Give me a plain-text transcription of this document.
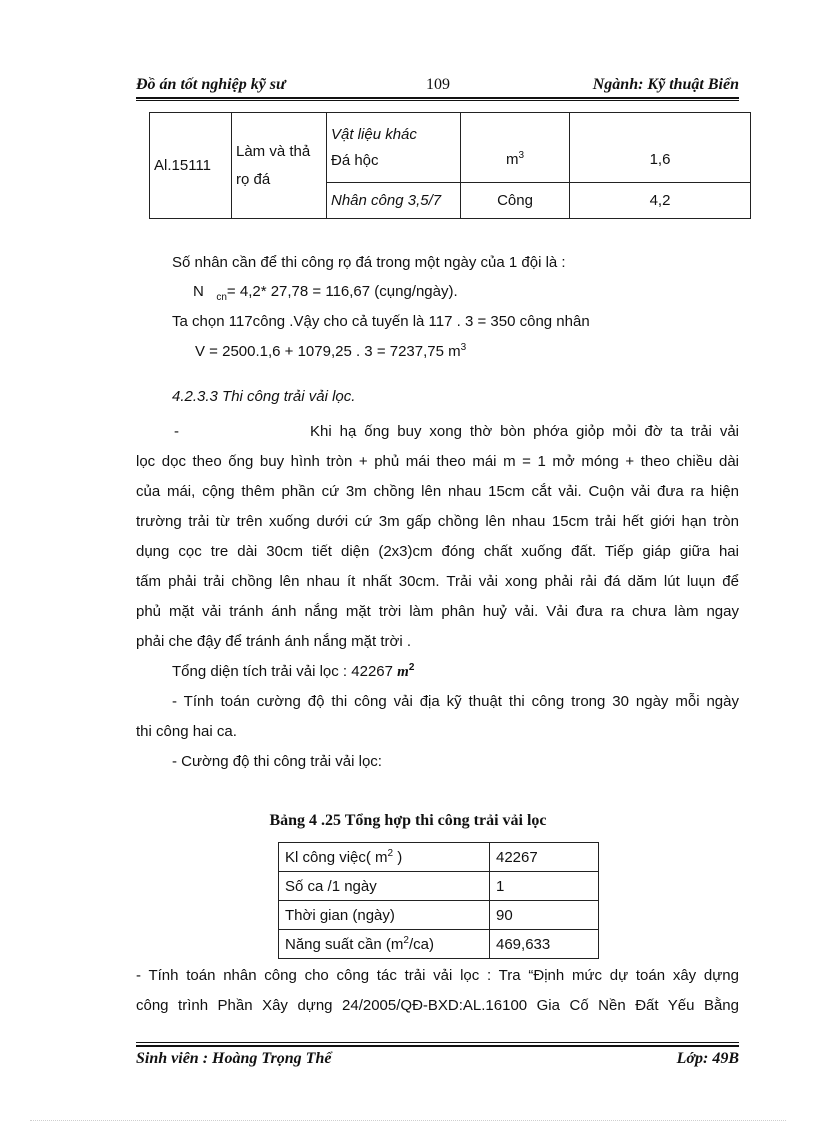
Đồ án tốt nghiệp kỹ sư	109	Ngành: Kỹ thuật Biển
Al.15111	Làm và thả rọ đá	Vật liệu khác
Đá hộc	$m^3$	1,6
		Nhân công 3,5/7	Công	4,2
Số nhân cần để thi công rọ đá trong một ngày của 1 đội là :
N $_{cn}$= 4,2* 27,78 = 116,67 (cụng/ngày).
Ta chọn 117công .Vậy cho cả tuyến là 117 . 3 = 350 công nhân
V = 2500.1,6 + 1079,25 . 3 = 7237,75 $m^3$
4.2.3.3 Thi công trải vải lọc.
-	Khi hạ ống buy xong thờ bòn phớa giỏp mỏi đờ ta trải vải
lọc dọc theo ống buy hình tròn + phủ mái theo mái m = 1 mở móng + theo chiều dài
của mái, cộng thêm phần cứ 3m chồng lên nhau 15cm cắt vải. Cuộn vải đưa ra hiện
trường trải từ trên xuống dưới cứ 3m gấp chồng lên nhau 15cm trải hết giới hạn tròn
dụng cọc tre dài 30cm tiết diện (2x3)cm đóng chất xuống đất. Tiếp giáp giữa hai
tấm phải trải chồng lên nhau ít nhất 30cm. Trải vải xong phải rải đá dăm lút luụn để
phủ mặt vải tránh ánh nắng mặt trời làm phân huỷ vải. Vải đưa ra chưa làm ngay
phải che đậy để tránh ánh nắng mặt trời .
Tổng diện tích trải vải lọc : 42267 $m^2$
- Tính toán cường độ thi công vải địa kỹ thuật thi công trong 30 ngày mỗi ngày
thi công hai ca.
- Cường độ thi công trải vải lọc:
Bảng 4 .25 Tổng hợp thi công trải vải lọc
Kl công việc( $m^2$ )	42267
Số ca /1 ngày	1
Thời gian (ngày)	90
Năng suất cần $(m^2/ca)$	469,633
- Tính toán nhân công cho công tác trải vải lọc : Tra “Định mức dự toán xây dựng
công trình Phần Xây dựng 24/2005/QĐ-BXD:AL.16100 Gia Cố Nền Đất Yếu Bằng
Sinh viên : Hoàng Trọng Thể	Lớp: 49B
